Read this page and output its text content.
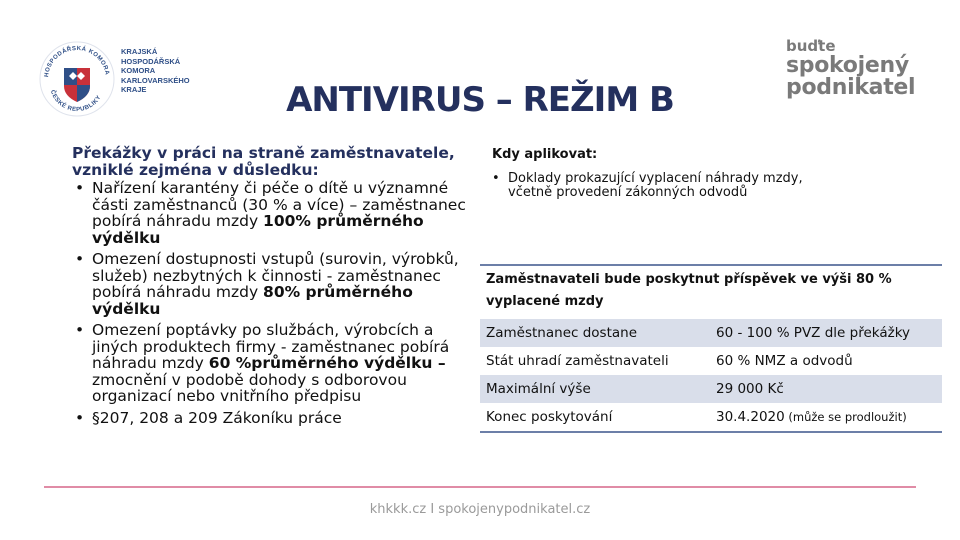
HOSPODÁŘSKÁ KOMORA
ČESKÉ REPUBLIKY
KRAJSKÁ
HOSPODÁŘSKÁ
KOMORA
KARLOVARSKÉHO
KRAJE
buďte
spokojený
podnikatel
ANTIVIRUS – REŽIM B
Překážky v práci na straně zaměstnavatele, vzniklé zejména v důsledku:
• Nařízení karantény či péče o dítě u významné části zaměstnanců (30 % a více) – zaměstnanec pobírá náhradu mzdy 100% průměrného výdělku
• Omezení dostupnosti vstupů (surovin, výrobků, služeb) nezbytných k činnosti - zaměstnanec pobírá náhradu mzdy 80% průměrného výdělku
• Omezení poptávky po službách, výrobcích a jiných produktech firmy - zaměstnanec pobírá náhradu mzdy 60 %průměrného výdělku – zmocnění v podobě dohody s odborovou organizací nebo vnitřního předpisu
• §207, 208 a 209 Zákoníku práce
Kdy aplikovat:
• Doklady prokazující vyplacení náhrady mzdy, včetně provedení zákonných odvodů
Zaměstnavateli bude poskytnut příspěvek ve výši 80 % vyplacené mzdy
Zaměstnanec dostane	60 - 100 % PVZ dle překážky
Stát uhradí zaměstnavateli	60 % NMZ a odvodů
Maximální výše	29 000 Kč
Konec poskytování	30.4.2020 (může se prodloužit)
khkkk.cz I spokojenypodnikatel.cz
